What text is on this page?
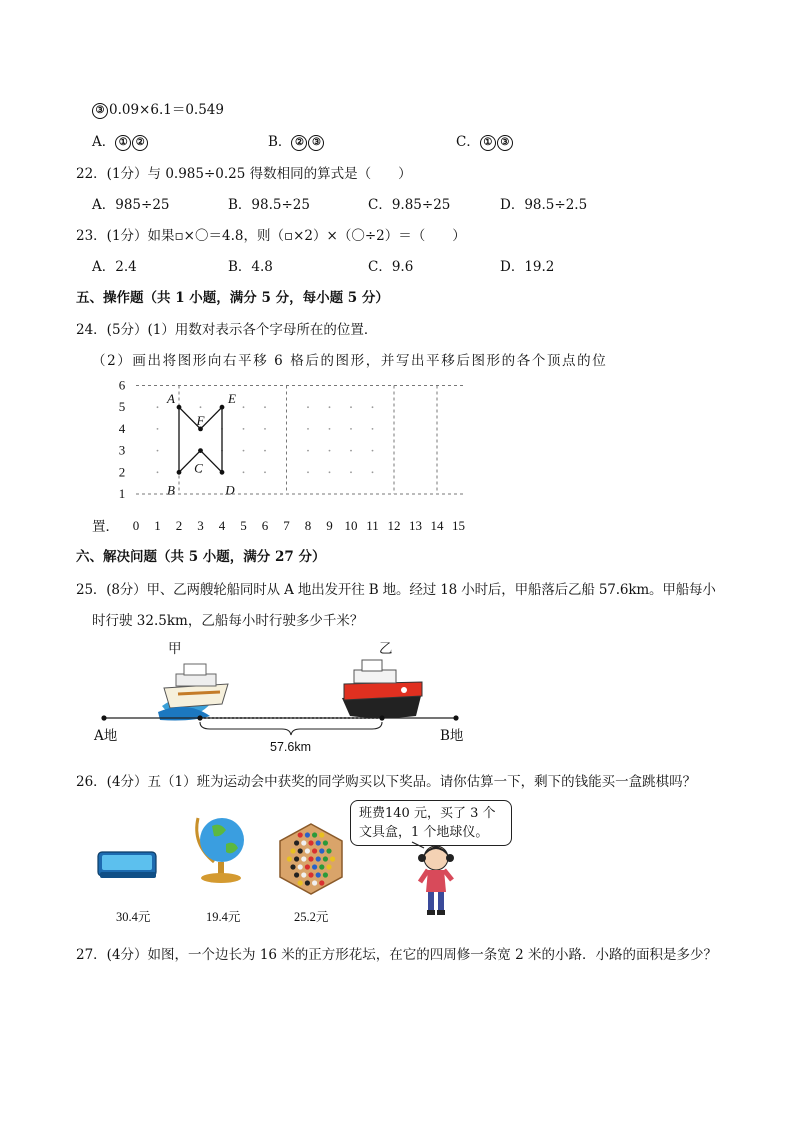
③ 0.09×6.1＝0.549
A． ① ②	B． ② ③	C． ① ③
22．(1分）与 0.985÷0.25 得数相同的算式是（　　）
A．985÷25	B．98.5÷25	C．9.85÷25	D．98.5÷2.5
23．(1分）如果▫×〇＝4.8，则（▫×2）×（〇÷2）＝（　　）
A．2.4	B．4.8	C．9.6	D．19.2
五、操作题（共 1 小题，满分 5 分，每小题 5 分）
24．(5分）(1）用数对表示各个字母所在的位置．
（2）画出将图形向右平移 6 格后的图形，并写出平移后图形的各个顶点的位
0 1 2 3 4 5 6 7 8 9 10 11 12 13 14 15
1
2
3
4
5
6
A	E
F
C
B	D
置．
六、解决问题（共 5 小题，满分 27 分）
25．(8分）甲、乙两艘轮船同时从 A 地出发开往 B 地。经过 18 小时后，甲船落后乙船 57.6km。甲船每小
时行驶 32.5km，乙船每小时行驶多少千米？
甲	乙
A地	B地
57.6km
26．(4分）五（1）班为运动会中获奖的同学购买以下奖品。请你估算一下，剩下的钱能买一盒跳棋吗？
30.4元	19.4元	25.2元
班费140 元，买了 3 个
文具盒，1 个地球仪。
27．(4分）如图，一个边长为 16 米的正方形花坛，在它的四周修一条宽 2 米的小路．小路的面积是多少？
